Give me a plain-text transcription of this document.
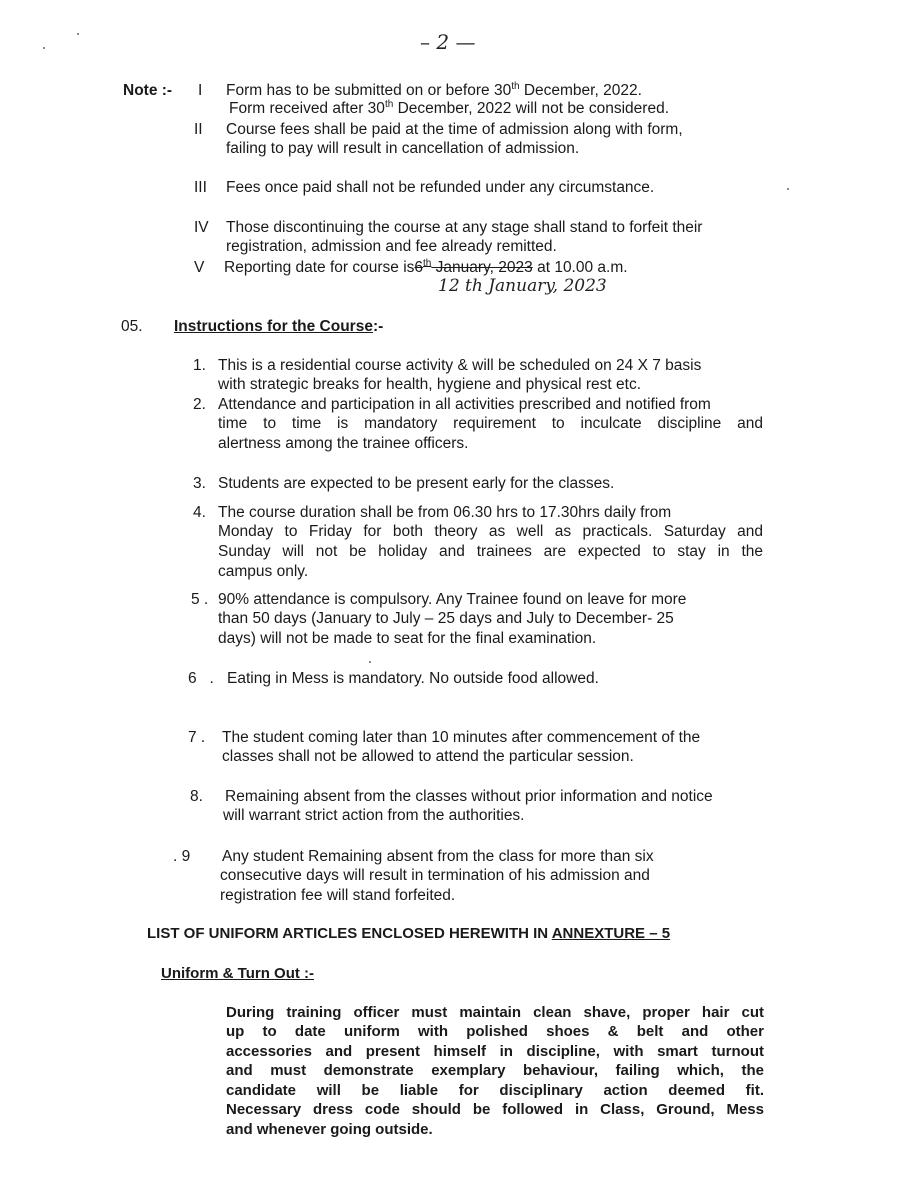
– 2 —
Note :- I Form has to be submitted on or before 30th December, 2022.
Form received after 30th December, 2022 will not be considered.
II Course fees shall be paid at the time of admission along with form,
failing to pay will result in cancellation of admission.
III Fees once paid shall not be refunded under any circumstance.
IV Those discontinuing the course at any stage shall stand to forfeit their
registration, admission and fee already remitted.
V Reporting date for course is6th January, 2023 at 10.00 a.m.
12 th January, 2023
05. Instructions for the Course:-
1. This is a residential course activity & will be scheduled on 24 X 7 basis
with strategic breaks for health, hygiene and physical rest etc.
2. Attendance and participation in all activities prescribed and notified from
time to time is mandatory requirement to inculcate discipline and
alertness among the trainee officers.
3. Students are expected to be present early for the classes.
4. The course duration shall be from 06.30 hrs to 17.30hrs daily from
Monday to Friday for both theory as well as practicals. Saturday and
Sunday will not be holiday and trainees are expected to stay in the
campus only.
5 . 90% attendance is compulsory. Any Trainee found on leave for more
than 50 days (January to July – 25 days and July to December- 25
days) will not be made to seat for the final examination.
6   . Eating in Mess is mandatory. No outside food allowed.
7 . The student coming later than 10 minutes after commencement of the
classes shall not be allowed to attend the particular session.
8. Remaining absent from the classes without prior information and notice
will warrant strict action from the authorities.
. 9 Any student Remaining absent from the class for more than six
consecutive days will result in termination of his admission and
registration fee will stand forfeited.
LIST OF UNIFORM ARTICLES ENCLOSED HEREWITH IN ANNEXTURE – 5
Uniform & Turn Out :-
During training officer must maintain clean shave, proper hair cut
up to date uniform with polished shoes & belt and other
accessories and present himself in discipline, with smart turnout
and must demonstrate exemplary behaviour, failing which, the
candidate will be liable for disciplinary action deemed fit.
Necessary dress code should be followed in Class, Ground, Mess
and whenever going outside.
